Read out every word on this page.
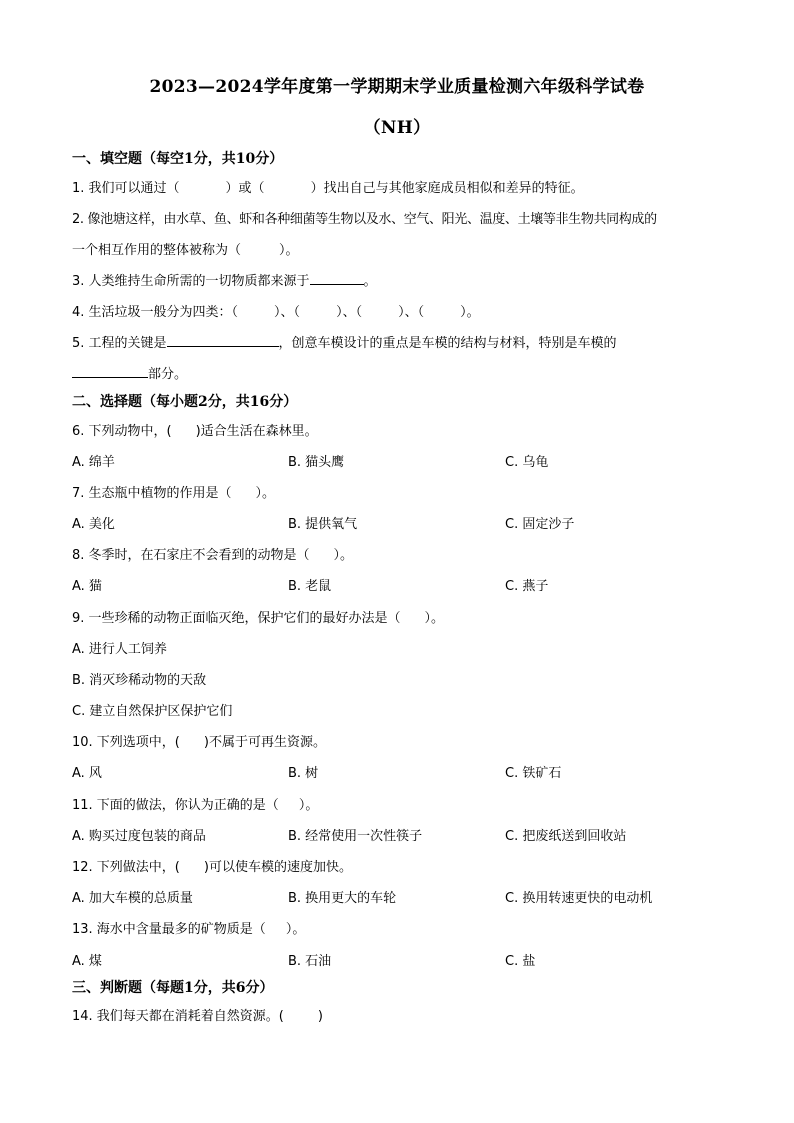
2023—2024学年度第一学期期末学业质量检测六年级科学试卷
（NH）
一、填空题（每空1分，共10分）
1. 我们可以通过（	）或（	）找出自己与其他家庭成员相似和差异的特征。
2. 像池塘这样，由水草、鱼、虾和各种细菌等生物以及水、空气、阳光、温度、土壤等非生物共同构成的
一个相互作用的整体被称为（	）。
3. 人类维持生命所需的一切物质都来源于	。
4. 生活垃圾一般分为四类：（	）、（	）、（	）、（	）。
5. 工程的关键是	，创意车模设计的重点是车模的结构与材料，特别是车模的
部分。
二、选择题（每小题2分，共16分）
6. 下列动物中，( )适合生活在森林里。
A. 绵羊	B. 猫头鹰	C. 乌龟
7. 生态瓶中植物的作用是（ ）。
A. 美化	B. 提供氧气	C. 固定沙子
8. 冬季时，在石家庄不会看到的动物是（ ）。
A. 猫	B. 老鼠	C. 燕子
9. 一些珍稀的动物正面临灭绝，保护它们的最好办法是（ ）。
A. 进行人工饲养
B. 消灭珍稀动物的天敌
C. 建立自然保护区保护它们
10. 下列选项中，( )不属于可再生资源。
A. 风	B. 树	C. 铁矿石
11. 下面的做法，你认为正确的是（ ）。
A. 购买过度包装的商品	B. 经常使用一次性筷子	C. 把废纸送到回收站
12. 下列做法中，( )可以使车模的速度加快。
A. 加大车模的总质量	B. 换用更大的车轮	C. 换用转速更快的电动机
13. 海水中含量最多的矿物质是（ ）。
A. 煤	B. 石油	C. 盐
三、判断题（每题1分，共6分）
14. 我们每天都在消耗着自然资源。(	)
